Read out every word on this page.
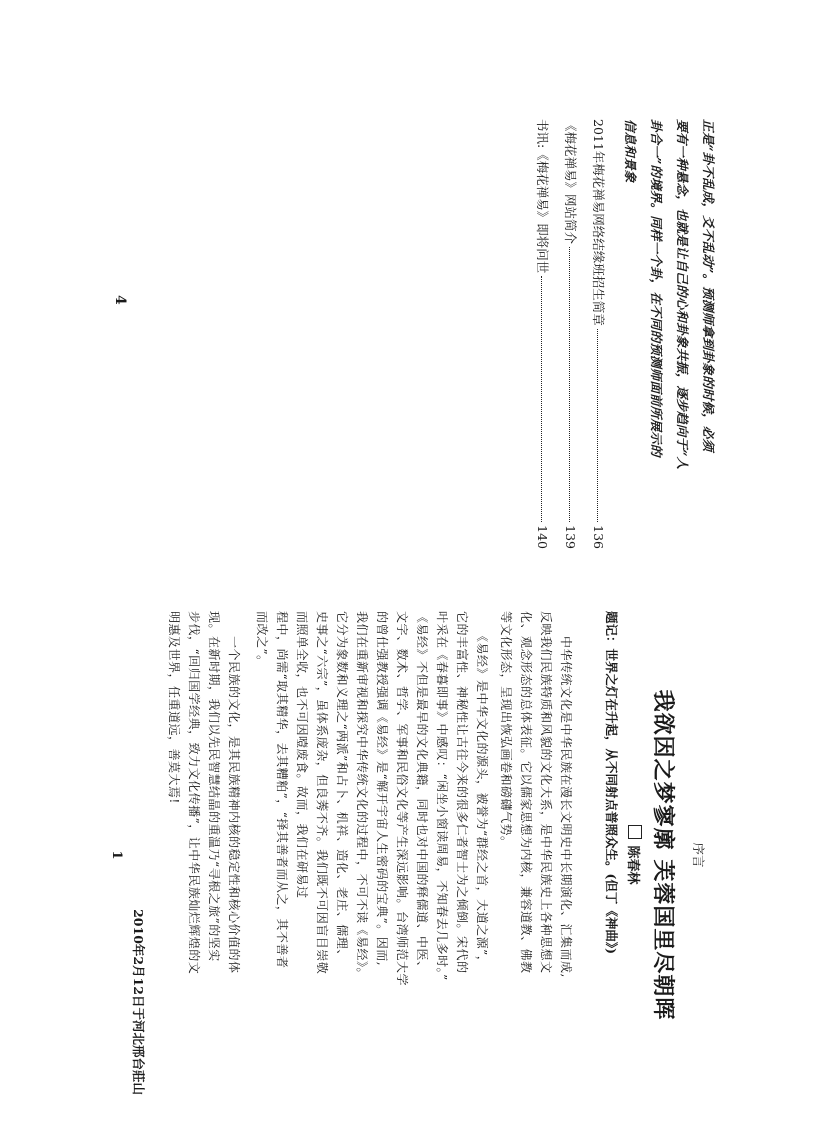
正是“卦不乱成，爻不乱动”。预测师拿到卦象的时候，必须
要有一种悬念，也就是让自己的心和卦象共振，逐步趋向于“人
卦合一”的境界。同样一个卦，在不同的预测师面前所展示的
信息和景象
2011年梅花禅易网络结缘班招生简章
136
《梅花禅易》网站简介
139
书讯:《梅花禅易》即将问世
140
4
序言
我欲因之梦寥廓 芙蓉国里尽朝晖
陈春林
题记：世界之灯在升起，从不同射点普照众生。(但丁《神曲》)
　　中华传统文化是中华民族在漫长文明史中长期演化、汇集而成,
反映我们民族特质和风貌的文化大系，是中华民族史上各种思想文
化、观念形态的总体表征。它以儒家思想为内核，兼容道教、佛教
等文化形态，呈现出恢弘画卷和磅礴气势。
　　《易经》是中华文化的源头，被誉为“群经之首，大道之源”，
它的丰富性、神秘性让古往今来的很多仁者智士为之倾倒。宋代的
叶采在《春暮即事》中感叹：“闲坐小窗读周易，不知春去几多时。”
《易经》不但是最早的文化典籍，同时也对中国的释儒道、中医、
文字、数术、哲学、军事和民俗文化等产生深远影响。台湾师范大学
的曾仕强教授强调《易经》是“解开宇宙人生密码的宝典”。因而,
我们在重新审视和探究中华传统文化的过程中，不可不读《易经》。
它分为象数和义理之“两派”和占卜、机祥、造化、老庄、儒理、
史事之“六宗”，虽体系庞杂，但良莠不齐。我们既不可因盲目崇敬
而照单全收，也不可因噎废食。故而，我们在研易过
程中，尚需“取其精华，去其糟粕”，“择其善者而从之，其不善者
而改之”。
　　一个民族的文化，是其民族精神内核的稳定性和核心价值的体
现。在新时期，我们以先民智慧结晶的重温乃“寻根之旅”的坚实
步伐，“回归国学经典，致力文化传播”，让中华民族灿烂辉煌的文
明惠及世界，任重道远，善莫大焉!
2010年2月12日于河北邢台莊山
1
